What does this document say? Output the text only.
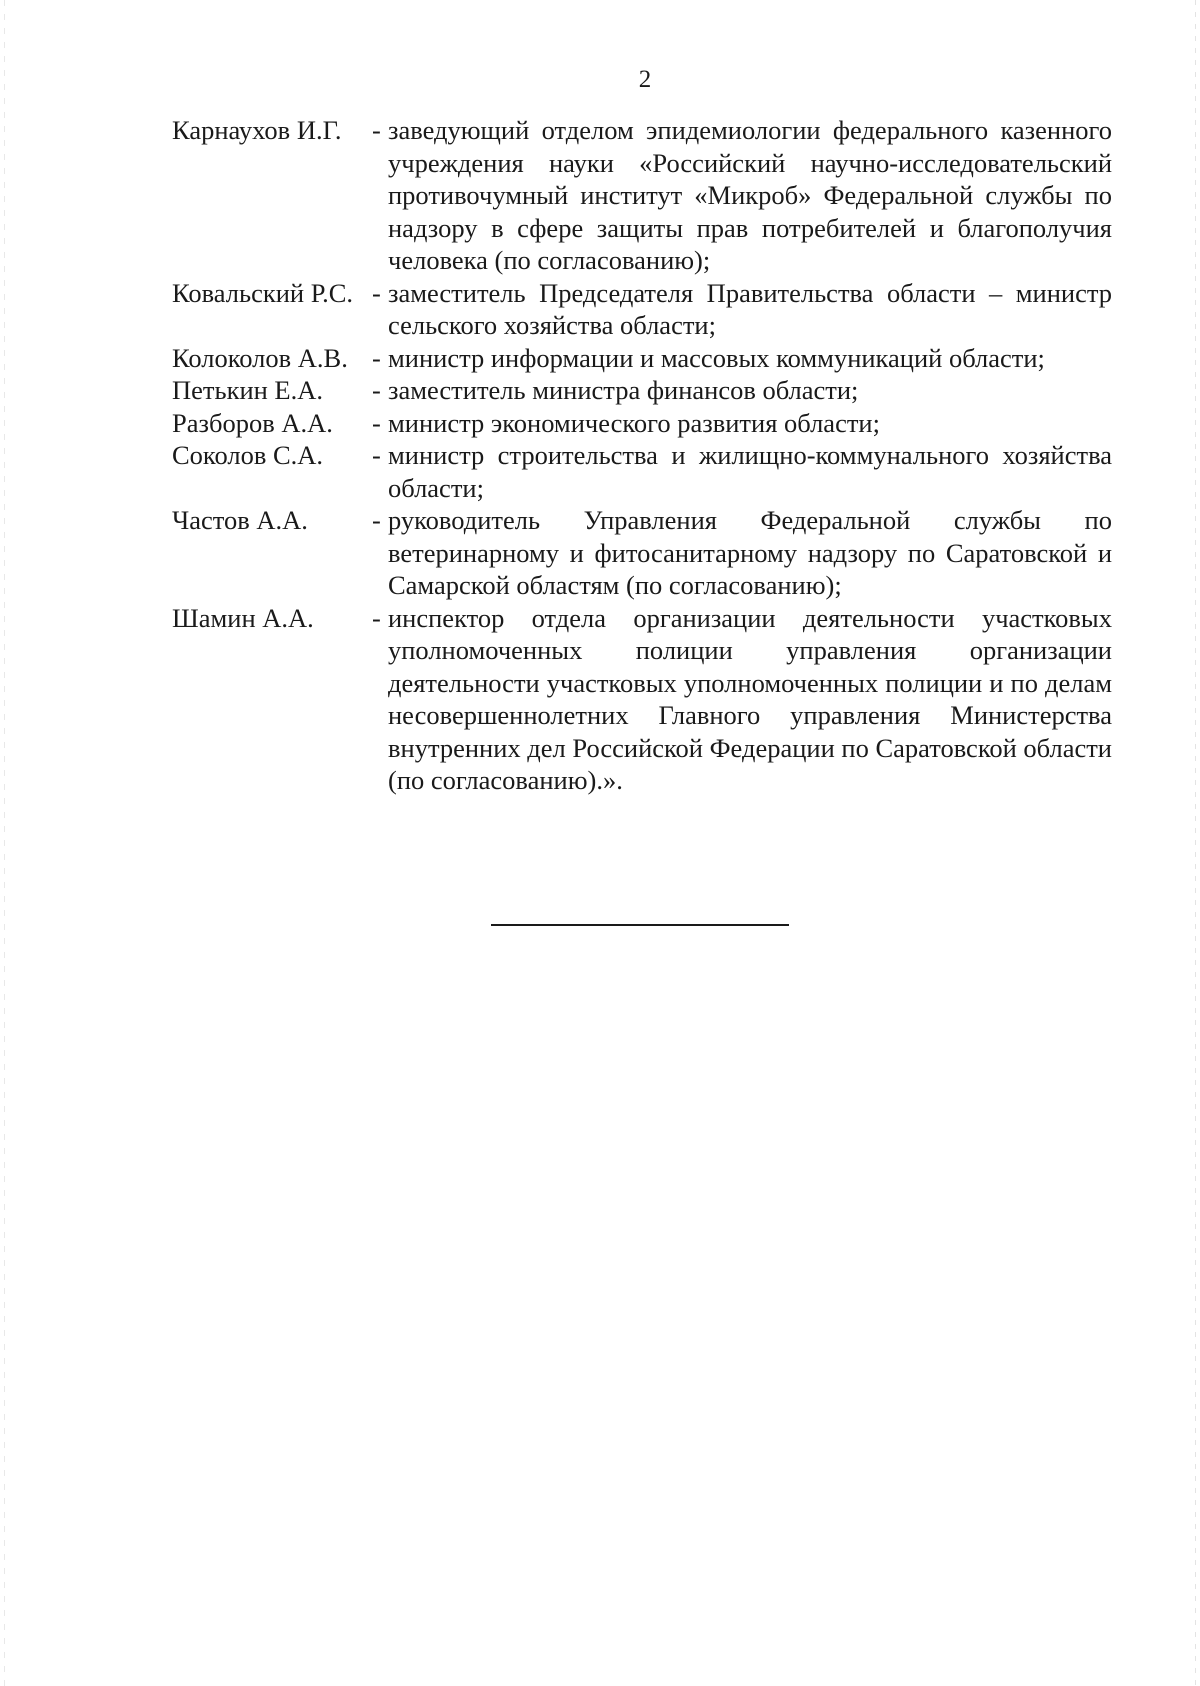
2
Карнаухов И.Г.	- заведующий отделом эпидемиологии федерального казенного учреждения науки «Российский научно-исследовательский противочумный институт «Микроб» Федеральной службы по надзору в сфере защиты прав потребителей и благополучия человека (по согласованию);
Ковальский Р.С. - заместитель Председателя Правительства области – министр сельского хозяйства области;
Колоколов А.В. - министр информации и массовых коммуникаций области;
Петькин Е.А.	- заместитель министра финансов области;
Разборов А.А.	- министр экономического развития области;
Соколов С.А.	- министр строительства и жилищно-коммунального хозяйства области;
Частов А.А.	- руководитель Управления Федеральной службы по ветеринарному и фитосанитарному надзору по Саратовской и Самарской областям (по согласованию);
Шамин А.А.	- инспектор отдела организации деятельности участковых уполномоченных полиции управления организации деятельности участковых уполномоченных полиции и по делам несовершеннолетних Главного управления Министерства внутренних дел Российской Федерации по Саратовской области (по согласованию).».
